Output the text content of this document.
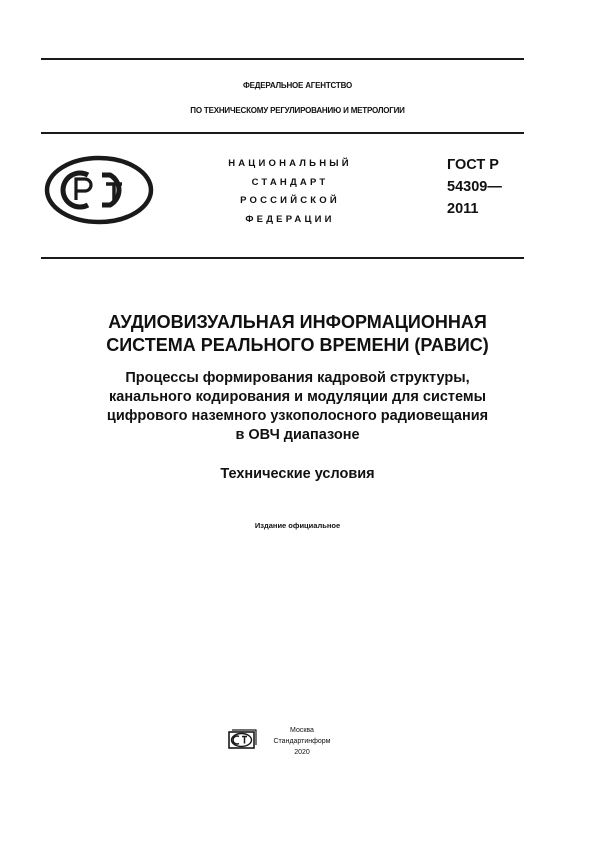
ФЕДЕРАЛЬНОЕ АГЕНТСТВО
ПО ТЕХНИЧЕСКОМУ РЕГУЛИРОВАНИЮ И МЕТРОЛОГИИ
НАЦИОНАЛЬНЫЙ
СТАНДАРТ
РОССИЙСКОЙ
ФЕДЕРАЦИИ
ГОСТ Р
54309—
2011
АУДИОВИЗУАЛЬНАЯ ИНФОРМАЦИОННАЯ
СИСТЕМА РЕАЛЬНОГО ВРЕМЕНИ (РАВИС)
Процессы формирования кадровой структуры,
канального кодирования и модуляции для системы
цифрового наземного узкополосного радиовещания
в ОВЧ диапазоне
Технические условия
Издание официальное
Москва
Стандартинформ
2020
